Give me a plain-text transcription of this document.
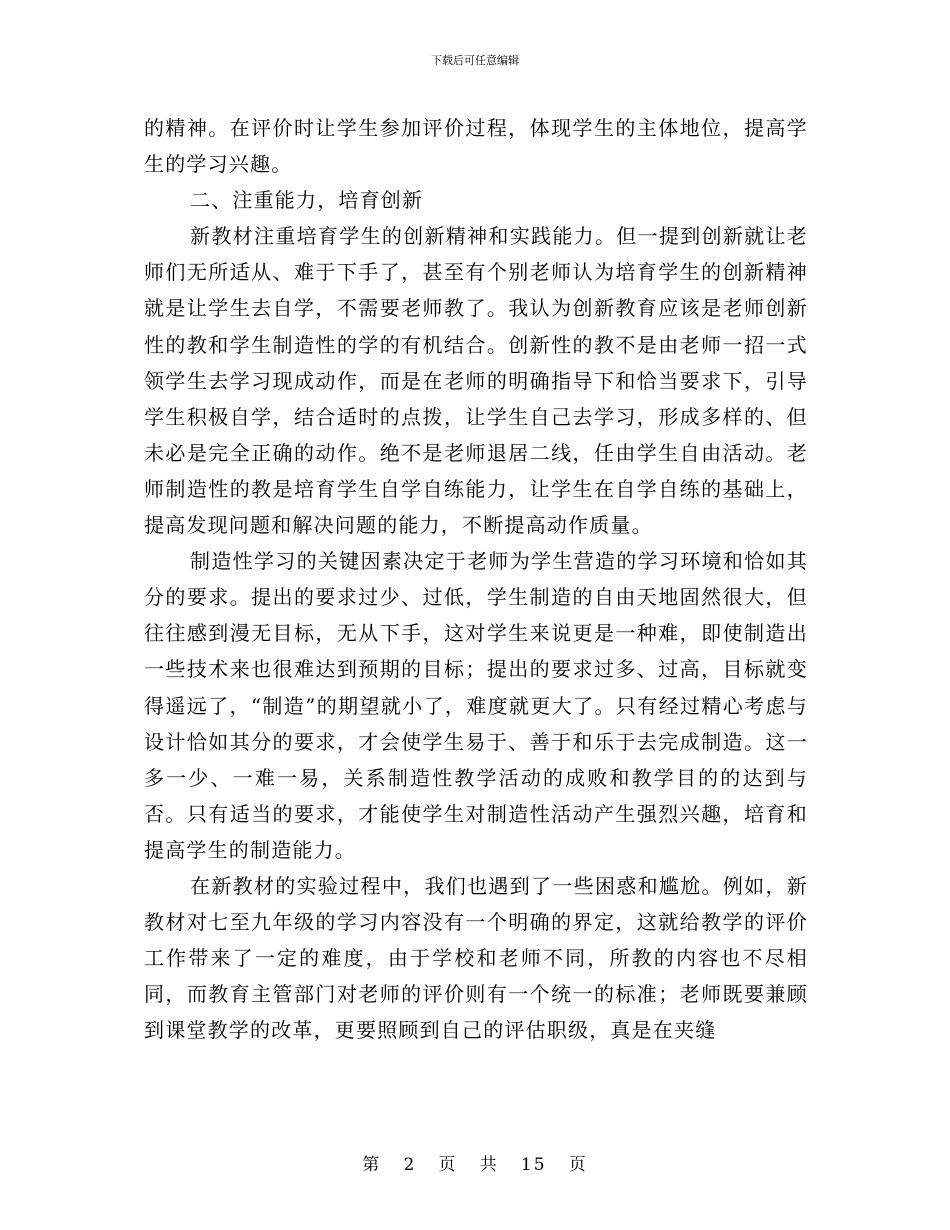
下载后可任意编辑

的精神。在评价时让学生参加评价过程，体现学生的主体地位，提高学生的学习兴趣。

二、注重能力，培育创新

新教材注重培育学生的创新精神和实践能力。但一提到创新就让老师们无所适从、难于下手了，甚至有个别老师认为培育学生的创新精神就是让学生去自学，不需要老师教了。我认为创新教育应该是老师创新性的教和学生制造性的学的有机结合。创新性的教不是由老师一招一式领学生去学习现成动作，而是在老师的明确指导下和恰当要求下，引导学生积极自学，结合适时的点拨，让学生自己去学习，形成多样的、但未必是完全正确的动作。绝不是老师退居二线，任由学生自由活动。老师制造性的教是培育学生自学自练能力，让学生在自学自练的基础上，提高发现问题和解决问题的能力，不断提高动作质量。

制造性学习的关键因素决定于老师为学生营造的学习环境和恰如其分的要求。提出的要求过少、过低，学生制造的自由天地固然很大，但往往感到漫无目标，无从下手，这对学生来说更是一种难，即使制造出一些技术来也很难达到预期的目标；提出的要求过多、过高，目标就变得遥远了，“制造”的期望就小了，难度就更大了。只有经过精心考虑与设计恰如其分的要求，才会使学生易于、善于和乐于去完成制造。这一多一少、一难一易，关系制造性教学活动的成败和教学目的的达到与否。只有适当的要求，才能使学生对制造性活动产生强烈兴趣，培育和提高学生的制造能力。

在新教材的实验过程中，我们也遇到了一些困惑和尴尬。例如，新教材对七至九年级的学习内容没有一个明确的界定，这就给教学的评价工作带来了一定的难度，由于学校和老师不同，所教的内容也不尽相同，而教育主管部门对老师的评价则有一个统一的标准；老师既要兼顾到课堂教学的改革，更要照顾到自己的评估职级，真是在夹缝

第 2 页 共 15 页
